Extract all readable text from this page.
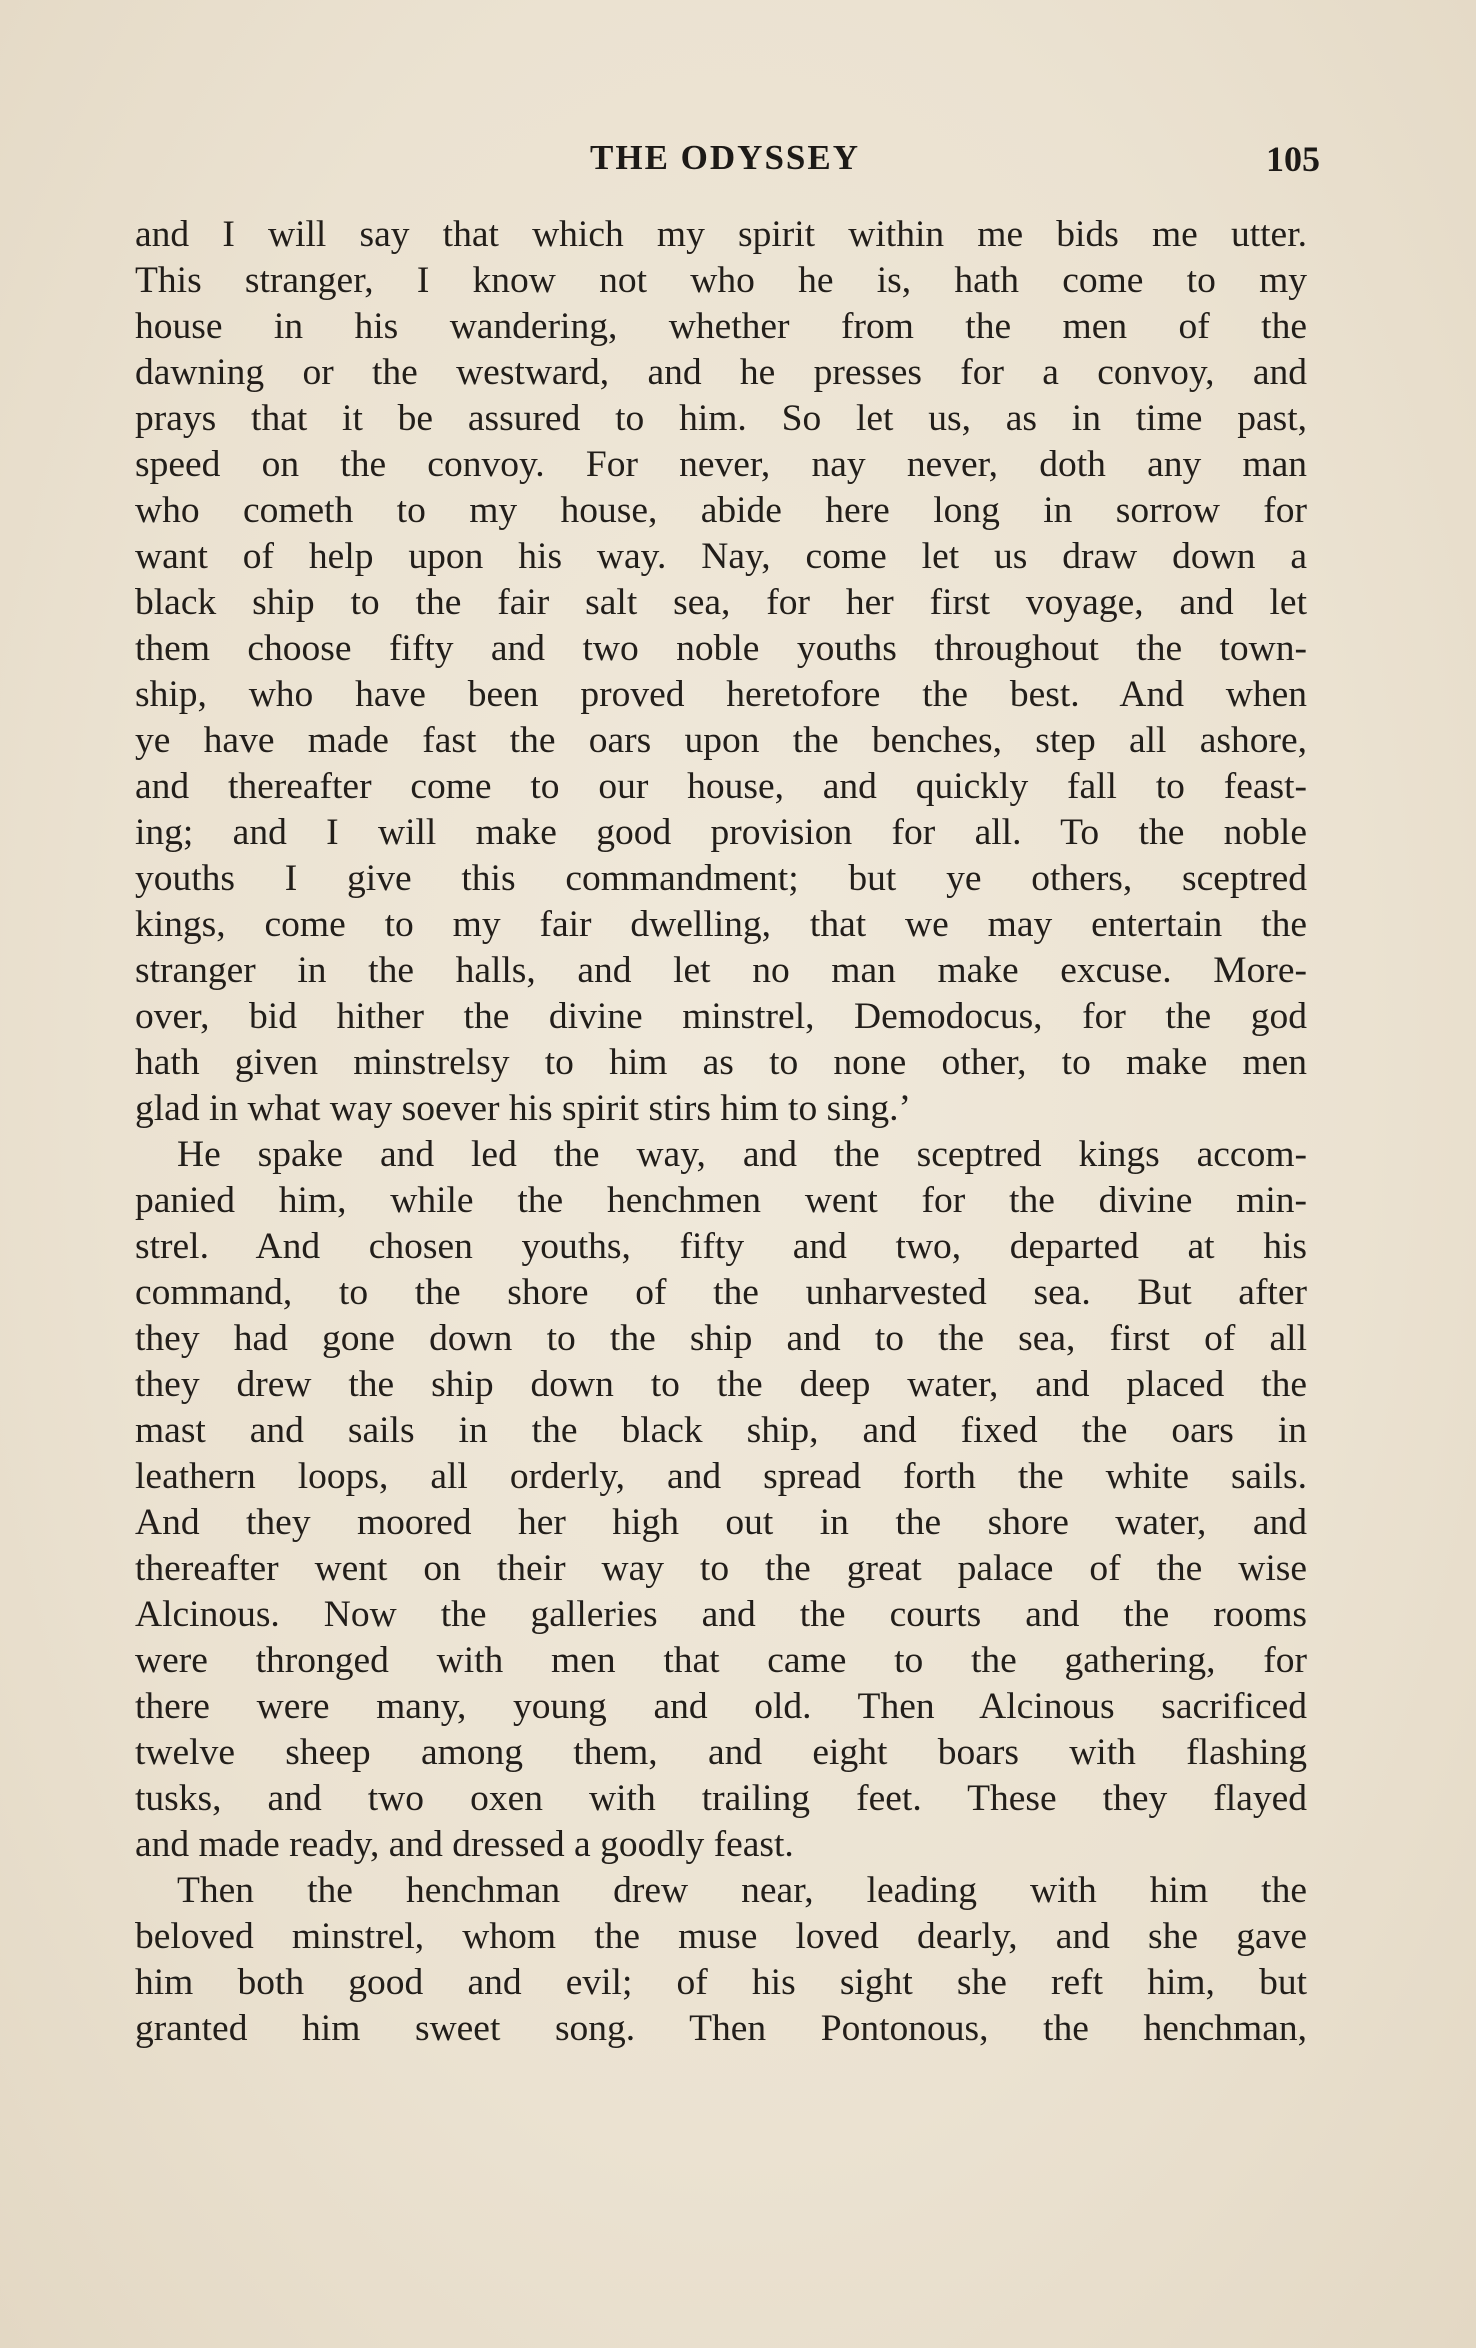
THE ODYSSEY	105
and I will say that which my spirit within me bids me utter.
This stranger, I know not who he is, hath come to my
house in his wandering, whether from the men of the
dawning or the westward, and he presses for a convoy, and
prays that it be assured to him. So let us, as in time past,
speed on the convoy. For never, nay never, doth any man
who cometh to my house, abide here long in sorrow for
want of help upon his way. Nay, come let us draw down a
black ship to the fair salt sea, for her first voyage, and let
them choose fifty and two noble youths throughout the town-
ship, who have been proved heretofore the best. And when
ye have made fast the oars upon the benches, step all ashore,
and thereafter come to our house, and quickly fall to feast-
ing; and I will make good provision for all. To the noble
youths I give this commandment; but ye others, sceptred
kings, come to my fair dwelling, that we may entertain the
stranger in the halls, and let no man make excuse. More-
over, bid hither the divine minstrel, Demodocus, for the god
hath given minstrelsy to him as to none other, to make men
glad in what way soever his spirit stirs him to sing.’
He spake and led the way, and the sceptred kings accom-
panied him, while the henchmen went for the divine min-
strel. And chosen youths, fifty and two, departed at his
command, to the shore of the unharvested sea. But after
they had gone down to the ship and to the sea, first of all
they drew the ship down to the deep water, and placed the
mast and sails in the black ship, and fixed the oars in
leathern loops, all orderly, and spread forth the white sails.
And they moored her high out in the shore water, and
thereafter went on their way to the great palace of the wise
Alcinous. Now the galleries and the courts and the rooms
were thronged with men that came to the gathering, for
there were many, young and old. Then Alcinous sacrificed
twelve sheep among them, and eight boars with flashing
tusks, and two oxen with trailing feet. These they flayed
and made ready, and dressed a goodly feast.
Then the henchman drew near, leading with him the
beloved minstrel, whom the muse loved dearly, and she gave
him both good and evil; of his sight she reft him, but
granted him sweet song. Then Pontonous, the henchman,
